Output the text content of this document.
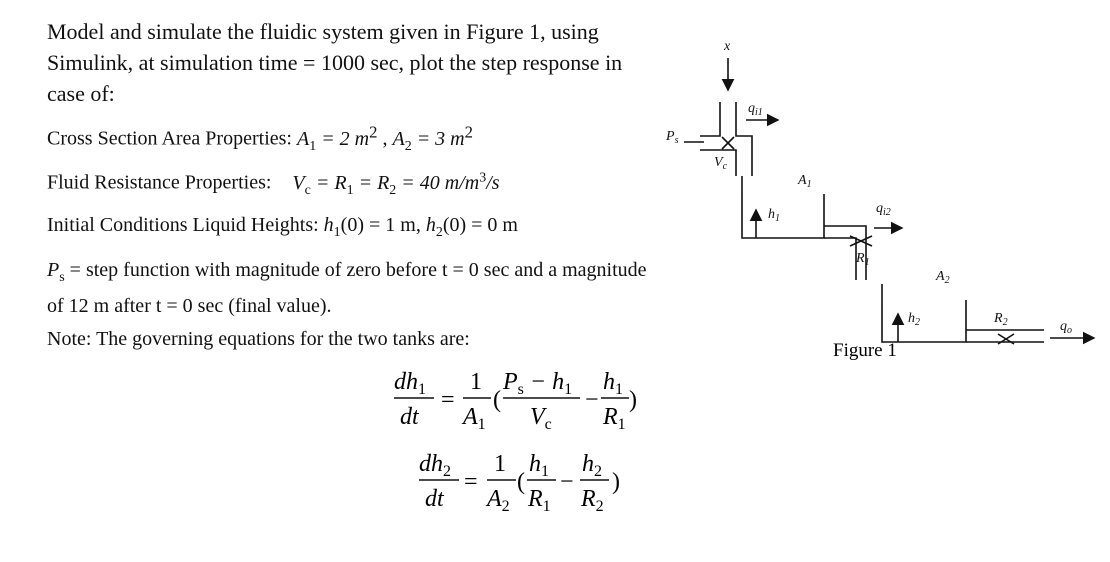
Model and simulate the fluidic system given in Figure 1, using Simulink, at simulation time = 1000 sec, plot the step response in case of:
Cross Section Area Properties: $A_1 = 2$ $m^2$ , $A_2 = 3$ $m^2$
Fluid Resistance Properties: $V_c = R_1 = R_2 = 40$ $m/m^3/s$
Initial Conditions Liquid Heights: $h_1(0) = 1$ m, $h_2(0) = 0$ m
$P_s$ = step function with magnitude of zero before t = 0 sec and a magnitude of 12 m after t = 0 sec (final value).
Note: The governing equations for the two tanks are:
$dh_1$
dt
=
1
$A_1$
(
$P_s - h_1$
$V_c$
−
$h_1$
$R_1$
)
$dh_2$
dt
=
1
$A_2$
(
$h_1$
$R_1$
−
$h_2$
$R_2$
)
x
$q_{i1}$
$P_s$
$V_c$
$A_1$
$h_1$
$q_{i2}$
$R_1$
$A_2$
$h_2$	$R_2$	$q_o$
Figure 1
